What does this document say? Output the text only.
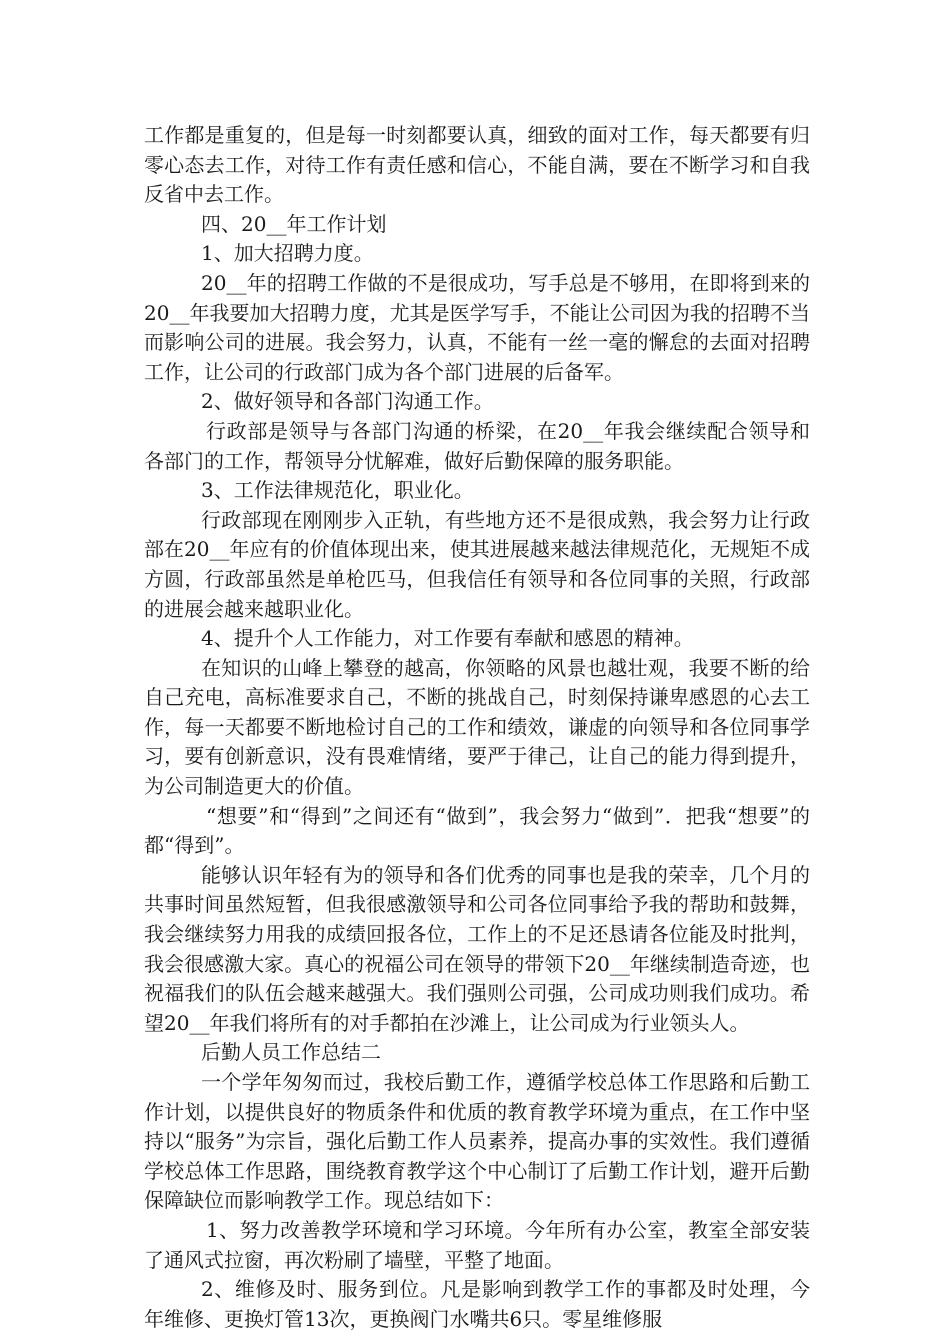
工作都是重复的，但是每一时刻都要认真，细致的面对工作，每天都要有归零心态去工作，对待工作有责任感和信心，不能自满，要在不断学习和自我反省中去工作。

四、20__年工作计划

1、加大招聘力度。

20__年的招聘工作做的不是很成功，写手总是不够用，在即将到来的20__年我要加大招聘力度，尤其是医学写手，不能让公司因为我的招聘不当而影响公司的进展。我会努力，认真，不能有一丝一毫的懈怠的去面对招聘工作，让公司的行政部门成为各个部门进展的后备军。

2、做好领导和各部门沟通工作。

行政部是领导与各部门沟通的桥梁，在20__年我会继续配合领导和各部门的工作，帮领导分忧解难，做好后勤保障的服务职能。

3、工作法律规范化，职业化。

行政部现在刚刚步入正轨，有些地方还不是很成熟，我会努力让行政部在20__年应有的价值体现出来，使其进展越来越法律规范化，无规矩不成方圆，行政部虽然是单枪匹马，但我信任有领导和各位同事的关照，行政部的进展会越来越职业化。

4、提升个人工作能力，对工作要有奉献和感恩的精神。

在知识的山峰上攀登的越高，你领略的风景也越壮观，我要不断的给自己充电，高标准要求自己，不断的挑战自己，时刻保持谦卑感恩的心去工作，每一天都要不断地检讨自己的工作和绩效，谦虚的向领导和各位同事学习，要有创新意识，没有畏难情绪，要严于律己，让自己的能力得到提升，为公司制造更大的价值。

“想要”和“得到”之间还有“做到”，我会努力“做到”．把我“想要”的都“得到”。

能够认识年轻有为的领导和各们优秀的同事也是我的荣幸，几个月的共事时间虽然短暂，但我很感激领导和公司各位同事给予我的帮助和鼓舞，我会继续努力用我的成绩回报各位，工作上的不足还恳请各位能及时批判，我会很感激大家。真心的祝福公司在领导的带领下20__年继续制造奇迹，也祝福我们的队伍会越来越强大。我们强则公司强，公司成功则我们成功。希望20__年我们将所有的对手都拍在沙滩上，让公司成为行业领头人。

后勤人员工作总结二

一个学年匆匆而过，我校后勤工作，遵循学校总体工作思路和后勤工作计划，以提供良好的物质条件和优质的教育教学环境为重点，在工作中坚持以“服务”为宗旨，强化后勤工作人员素养，提高办事的实效性。我们遵循学校总体工作思路，围绕教育教学这个中心制订了后勤工作计划，避开后勤保障缺位而影响教学工作。现总结如下：

1、努力改善教学环境和学习环境。今年所有办公室，教室全部安装了通风式拉窗，再次粉刷了墙壁，平整了地面。

2、维修及时、服务到位。凡是影响到教学工作的事都及时处理，今年维修、更换灯管13次，更换阀门水嘴共6只。零星维修服
